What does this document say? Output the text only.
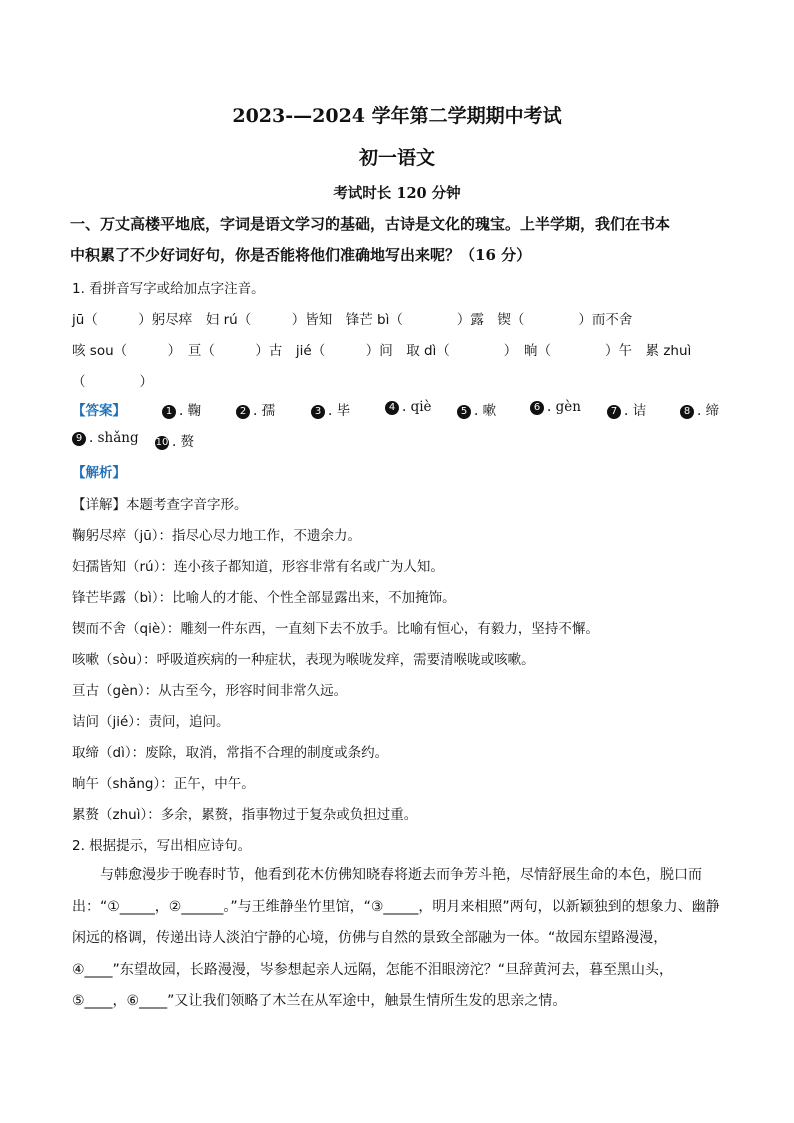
2023-—2024 学年第二学期期中考试
初一语文
考试时长 120 分钟
一、万丈高楼平地底，字词是语文学习的基础，古诗是文化的瑰宝。上半学期，我们在书本
中积累了不少好词好句，你是否能将他们准确地写出来呢？（16 分）
1. 看拼音写字或给加点字注音。
jū（　　　）躬尽瘁　妇 rú（　　　）皆知　锋芒 bì（　　　　）露　锲（　　　　）而不舍
咳 sou（　　　）　亘（　　　）古　jié（　　　）问　取 dì（　　　　）　晌（　　　　）午　累 zhuì
（　　　　）
【答案】	1 . 鞠	2 . 孺	3 . 毕	4 . qiè	5 . 嗽	6 . gèn	7 . 诘	8 . 缔
9 . shǎng 10 . 赘
【解析】
【详解】本题考查字音字形。
鞠躬尽瘁（jū）：指尽心尽力地工作，不遗余力。
妇孺皆知（rú）：连小孩子都知道，形容非常有名或广为人知。
锋芒毕露（bì）：比喻人的才能、个性全部显露出来，不加掩饰。
锲而不舍（qiè）：雕刻一件东西，一直刻下去不放手。比喻有恒心，有毅力，坚持不懈。
咳嗽（sòu）：呼吸道疾病的一种症状，表现为喉咙发痒，需要清喉咙或咳嗽。
亘古（gèn）：从古至今，形容时间非常久远。
诘问（jié）：责问，追问。
取缔（dì）：废除，取消，常指不合理的制度或条约。
晌午（shǎng）：正午，中午。
累赘（zhuì）：多余，累赘，指事物过于复杂或负担过重。
2. 根据提示，写出相应诗句。
与韩愈漫步于晚春时节，他看到花木仿佛知晓春将逝去而争芳斗艳，尽情舒展生命的本色，脱口而出：“①_____，②______。”与王维静坐竹里馆，“③_____，明月来相照”两句，以新颖独到的想象力、幽静闲远的格调，传递出诗人淡泊宁静的心境，仿佛与自然的景致全部融为一体。“故园东望路漫漫，④____”东望故园，长路漫漫，岑参想起亲人远隔，怎能不泪眼滂沱？“旦辞黄河去，暮至黑山头，⑤____，⑥____”又让我们领略了木兰在从军途中，触景生情所生发的思亲之情。
